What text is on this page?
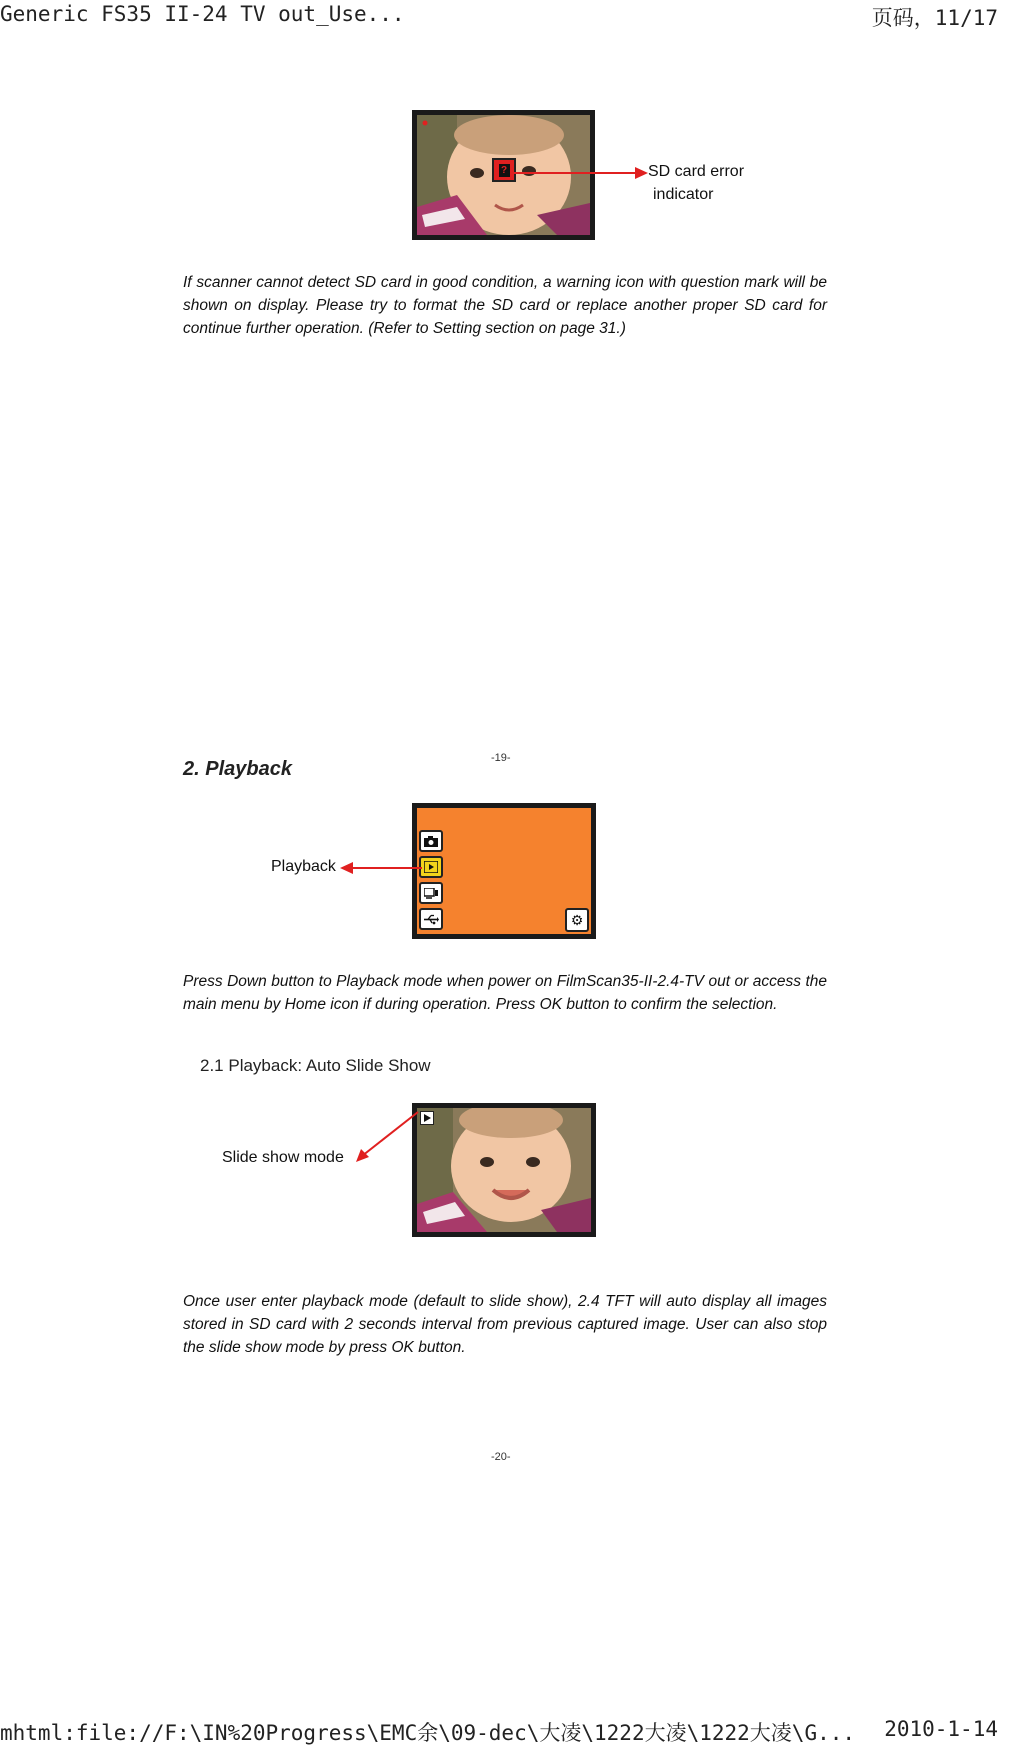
Generic FS35 II-24 TV out_Use...	页码，11/17
?	SD card error
indicator
If scanner cannot detect SD card in good condition, a warning icon with question mark will be shown on display. Please try to format the SD card or replace another proper SD card for continue further operation. (Refer to Setting section on page 31.)
-19-
2. Playback
⚙
Playback
Press Down button to Playback mode when power on FilmScan35-II-2.4-TV out or access the main menu by Home icon if during operation. Press OK button to confirm the selection.
2.1 Playback: Auto Slide Show
Slide show mode
Once user enter playback mode (default to slide show), 2.4 TFT will auto display all images stored in SD card with 2 seconds interval from previous captured image. User can also stop the slide show mode by press OK button.
-20-
mhtml:file://F:\IN%20Progress\EMC余\09-dec\大凌\1222大凌\1222大凌\G... 2010-1-14
